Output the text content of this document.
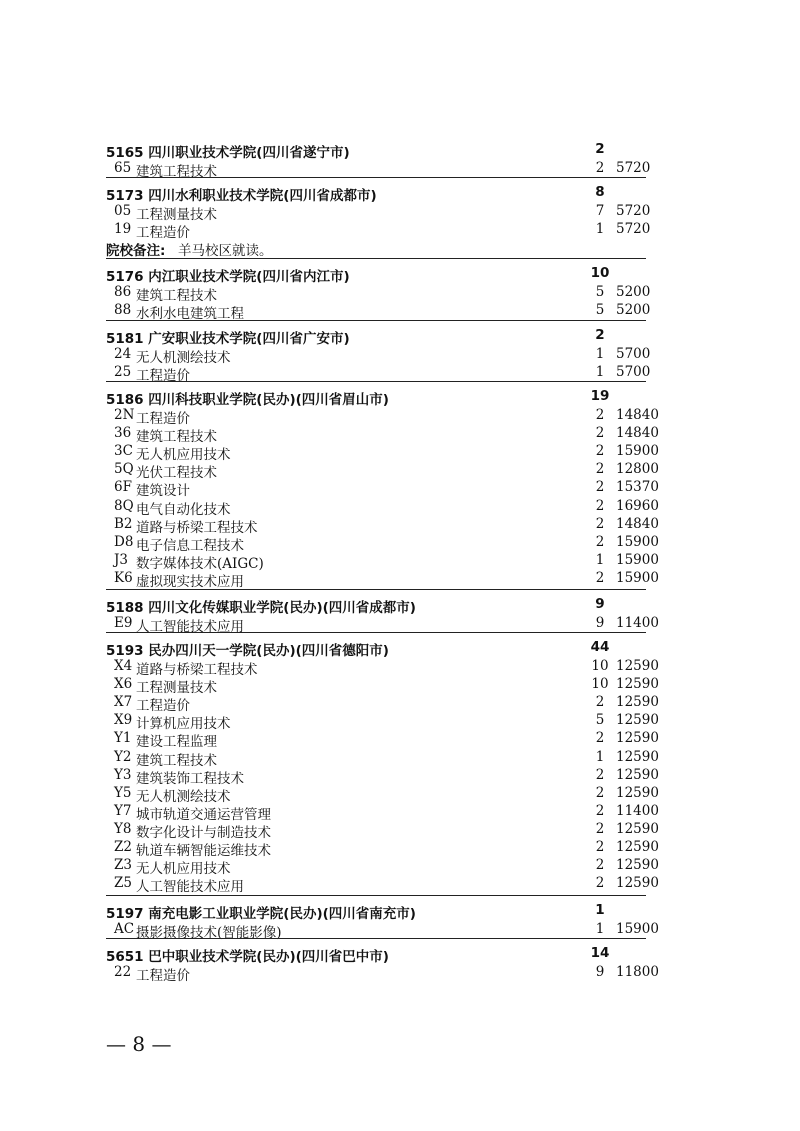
5165 四川职业技术学院(四川省遂宁市)	2
65 建筑工程技术	2 5720
5173 四川水利职业技术学院(四川省成都市)	8
05 工程测量技术	7 5720
19 工程造价	1 5720
院校备注: 羊马校区就读。
5176 内江职业技术学院(四川省内江市)	10
86 建筑工程技术	5 5200
88 水利水电建筑工程	5 5200
5181 广安职业技术学院(四川省广安市)	2
24 无人机测绘技术	1 5700
25 工程造价	1 5700
5186 四川科技职业学院(民办)(四川省眉山市)	19
2N 工程造价	2 14840
36 建筑工程技术	2 14840
3C 无人机应用技术	2 15900
5Q 光伏工程技术	2 12800
6F 建筑设计	2 15370
8Q 电气自动化技术	2 16960
B2 道路与桥梁工程技术	2 14840
D8 电子信息工程技术	2 15900
J3 数字媒体技术(AIGC)	1 15900
K6 虚拟现实技术应用	2 15900
5188 四川文化传媒职业学院(民办)(四川省成都市)	9
E9 人工智能技术应用	9 11400
5193 民办四川天一学院(民办)(四川省德阳市)	44
X4 道路与桥梁工程技术	10 12590
X6 工程测量技术	10 12590
X7 工程造价	2 12590
X9 计算机应用技术	5 12590
Y1 建设工程监理	2 12590
Y2 建筑工程技术	1 12590
Y3 建筑装饰工程技术	2 12590
Y5 无人机测绘技术	2 12590
Y7 城市轨道交通运营管理	2 11400
Y8 数字化设计与制造技术	2 12590
Z2 轨道车辆智能运维技术	2 12590
Z3 无人机应用技术	2 12590
Z5 人工智能技术应用	2 12590
5197 南充电影工业职业学院(民办)(四川省南充市)	1
AC 摄影摄像技术(智能影像)	1 15900
5651 巴中职业技术学院(民办)(四川省巴中市)	14
22 工程造价	9 11800
— 8 —
